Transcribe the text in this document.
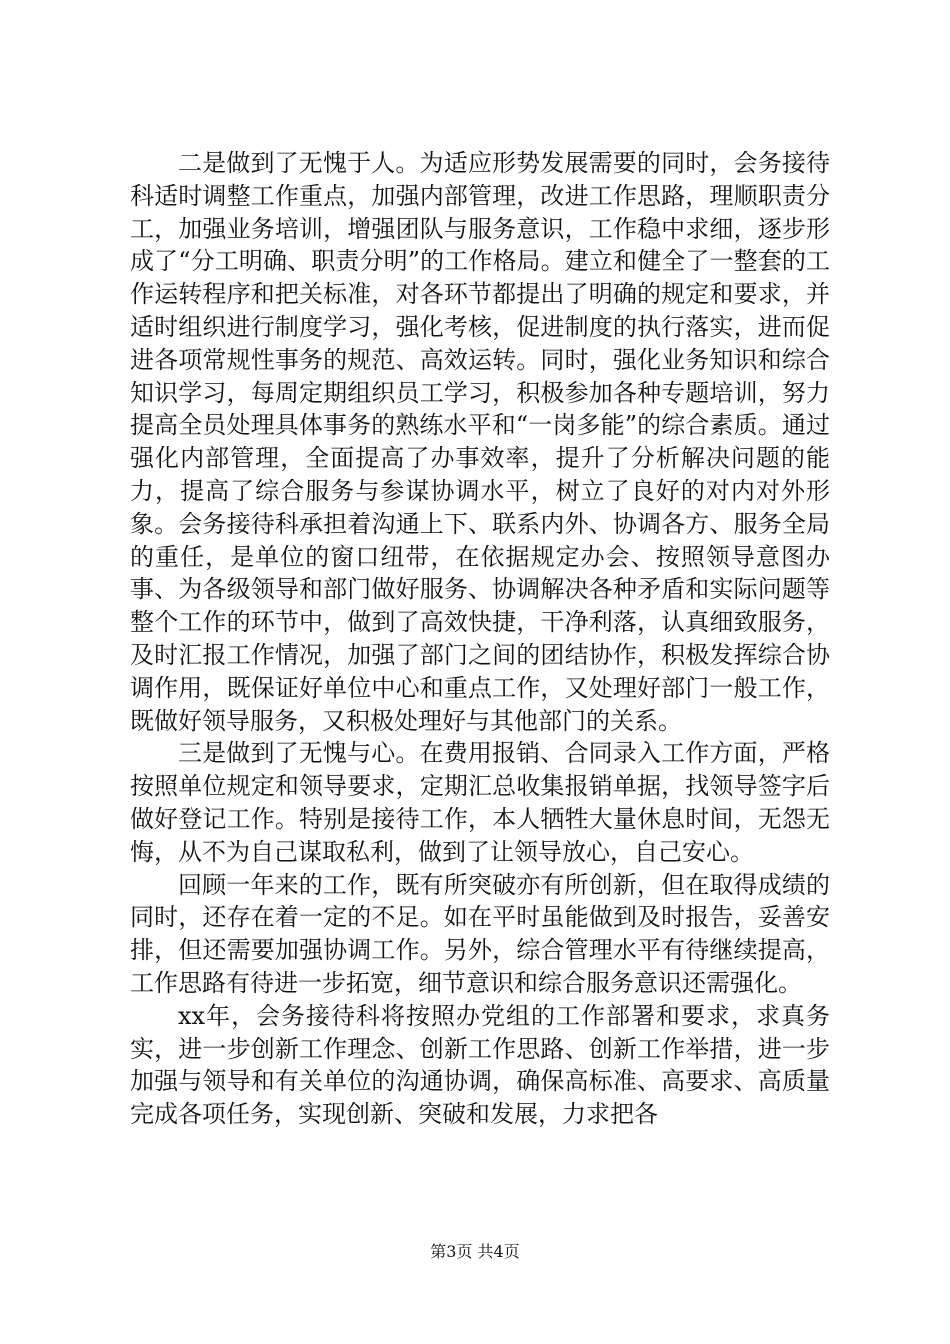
二是做到了无愧于人。为适应形势发展需要的同时，会务接待科适时调整工作重点，加强内部管理，改进工作思路，理顺职责分工，加强业务培训，增强团队与服务意识，工作稳中求细，逐步形成了“分工明确、职责分明”的工作格局。建立和健全了一整套的工作运转程序和把关标准，对各环节都提出了明确的规定和要求，并适时组织进行制度学习，强化考核，促进制度的执行落实，进而促进各项常规性事务的规范、高效运转。同时，强化业务知识和综合知识学习，每周定期组织员工学习，积极参加各种专题培训，努力提高全员处理具体事务的熟练水平和“一岗多能”的综合素质。通过强化内部管理，全面提高了办事效率，提升了分析解决问题的能力，提高了综合服务与参谋协调水平，树立了良好的对内对外形象。会务接待科承担着沟通上下、联系内外、协调各方、服务全局的重任，是单位的窗口纽带，在依据规定办会、按照领导意图办事、为各级领导和部门做好服务、协调解决各种矛盾和实际问题等整个工作的环节中，做到了高效快捷，干净利落，认真细致服务，及时汇报工作情况，加强了部门之间的团结协作，积极发挥综合协调作用，既保证好单位中心和重点工作，又处理好部门一般工作，既做好领导服务，又积极处理好与其他部门的关系。

三是做到了无愧与心。在费用报销、合同录入工作方面，严格按照单位规定和领导要求，定期汇总收集报销单据，找领导签字后做好登记工作。特别是接待工作，本人牺牲大量休息时间，无怨无悔，从不为自己谋取私利，做到了让领导放心，自己安心。

回顾一年来的工作，既有所突破亦有所创新，但在取得成绩的同时，还存在着一定的不足。如在平时虽能做到及时报告，妥善安排，但还需要加强协调工作。另外，综合管理水平有待继续提高，工作思路有待进一步拓宽，细节意识和综合服务意识还需强化。

xx年，会务接待科将按照办党组的工作部署和要求，求真务实，进一步创新工作理念、创新工作思路、创新工作举措，进一步加强与领导和有关单位的沟通协调，确保高标准、高要求、高质量完成各项任务，实现创新、突破和发展，力求把各

第3页 共4页
